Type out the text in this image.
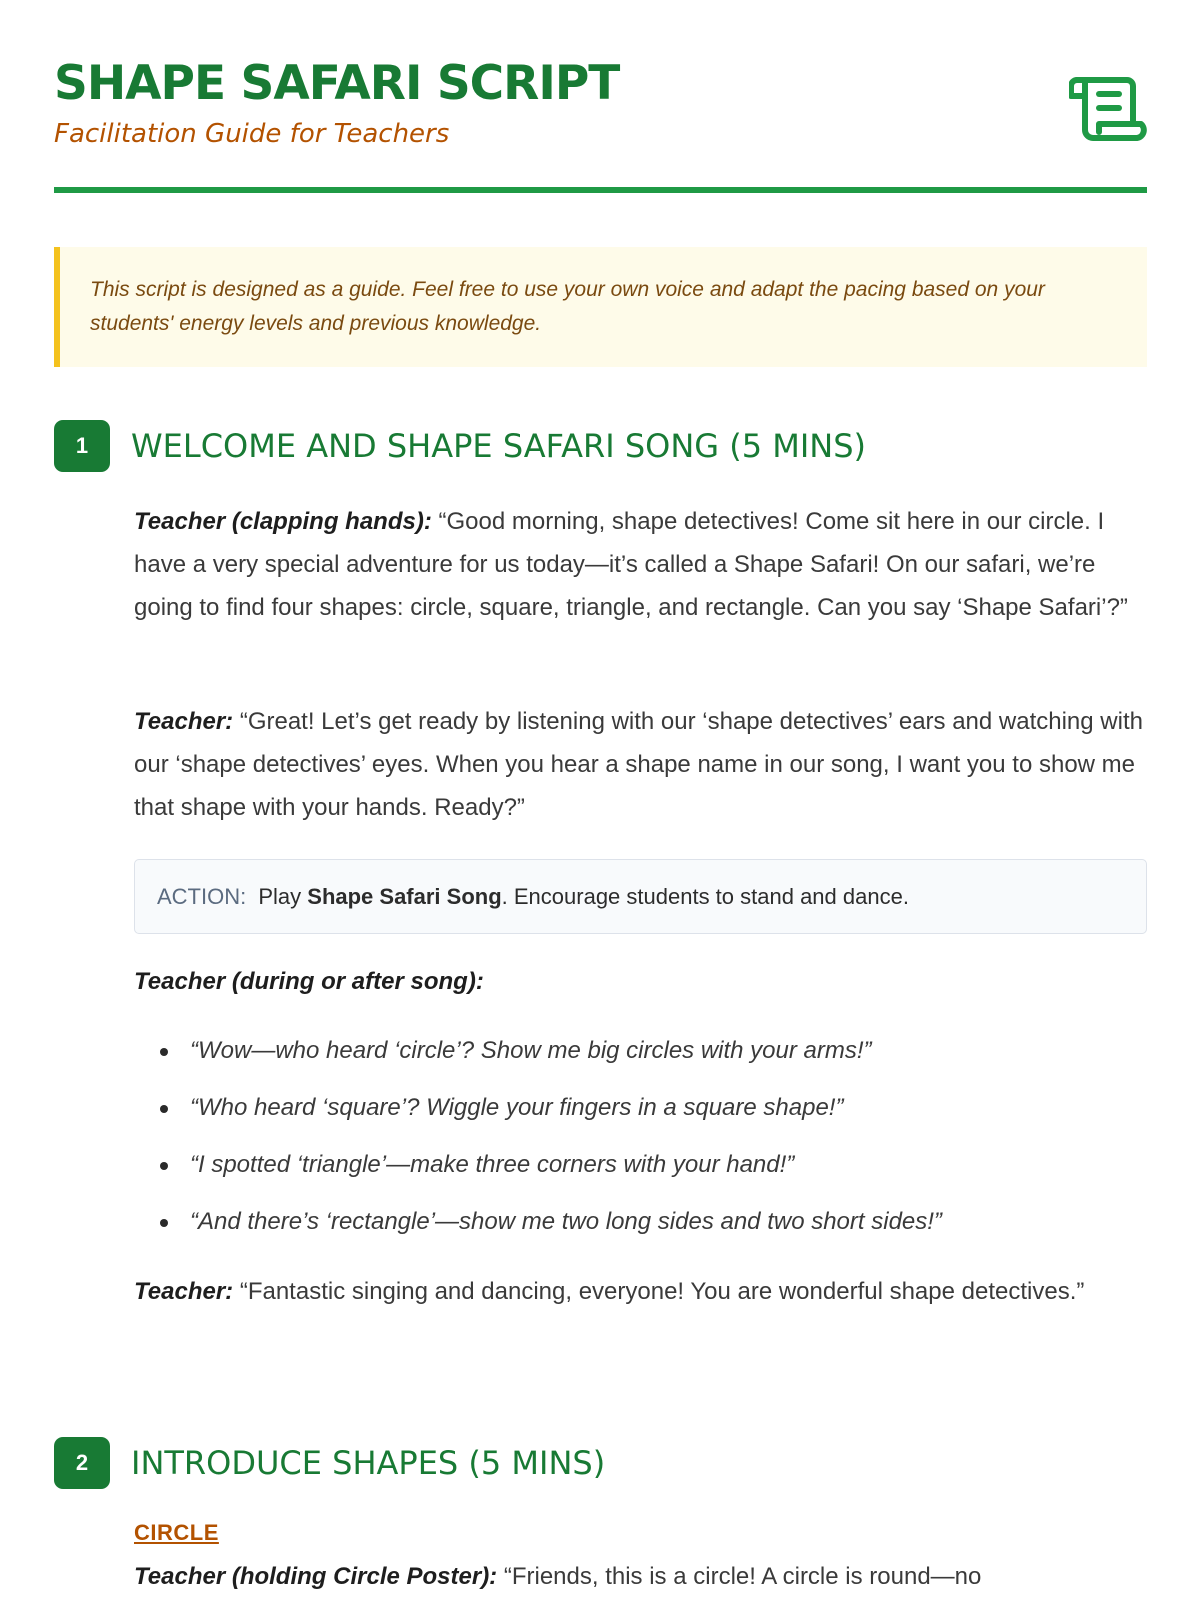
SHAPE SAFARI SCRIPT
Facilitation Guide for Teachers
This script is designed as a guide. Feel free to use your own voice and adapt the pacing based on your students' energy levels and previous knowledge.
1	WELCOME AND SHAPE SAFARI SONG (5 MINS)

Teacher (clapping hands): “Good morning, shape detectives! Come sit here in our circle. I have a very special adventure for us today—it’s called a Shape Safari! On our safari, we’re going to find four shapes: circle, square, triangle, and rectangle. Can you say ‘Shape Safari’?”

Teacher: “Great! Let’s get ready by listening with our ‘shape detectives’ ears and watching with our ‘shape detectives’ eyes. When you hear a shape name in our song, I want you to show me that shape with your hands. Ready?”

ACTION: Play Shape Safari Song . Encourage students to stand and dance.

Teacher (during or after song):

“Wow—who heard ‘circle’? Show me big circles with your arms!”
“Who heard ‘square’? Wiggle your fingers in a square shape!”
“I spotted ‘triangle’—make three corners with your hand!”
“And there’s ‘rectangle’—show me two long sides and two short sides!”

Teacher: “Fantastic singing and dancing, everyone! You are wonderful shape detectives.”

2	INTRODUCE SHAPES (5 MINS)
CIRCLE

Teacher (holding Circle Poster): “Friends, this is a circle! A circle is round—no
